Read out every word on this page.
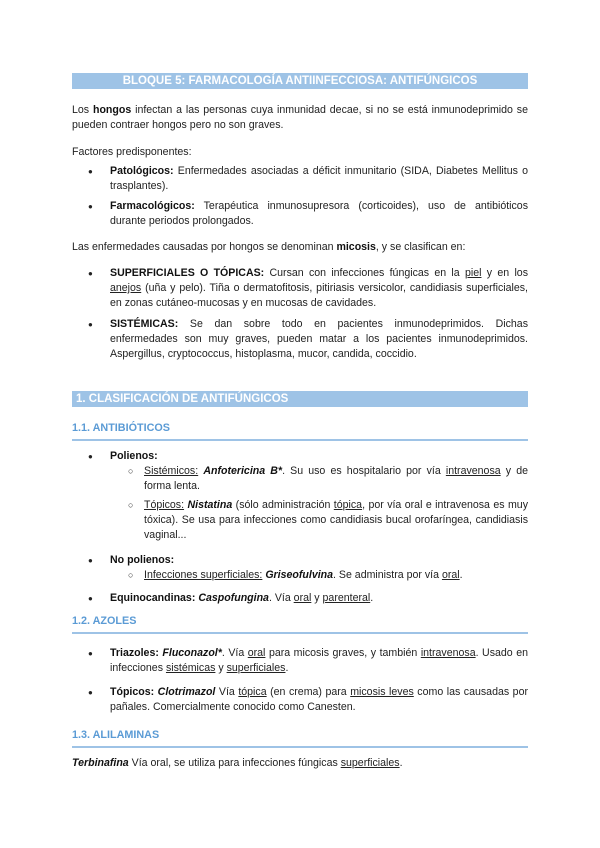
BLOQUE 5: FARMACOLOGÍA ANTIINFECCIOSA: ANTIFÚNGICOS
Los hongos infectan a las personas cuya inmunidad decae, si no se está inmunodeprimido se pueden contraer hongos pero no son graves.
Factores predisponentes:
● Patológicos: Enfermedades asociadas a déficit inmunitario (SIDA, Diabetes Mellitus o trasplantes).
● Farmacológicos: Terapéutica inmunosupresora (corticoides), uso de antibióticos durante periodos prolongados.
Las enfermedades causadas por hongos se denominan micosis, y se clasifican en:
● SUPERFICIALES O TÓPICAS: Cursan con infecciones fúngicas en la piel y en los anejos (uña y pelo). Tiña o dermatofitosis, pitiriasis versicolor, candidiasis superficiales, en zonas cutáneo-mucosas y en mucosas de cavidades.
● SISTÉMICAS: Se dan sobre todo en pacientes inmunodeprimidos. Dichas enfermedades son muy graves, pueden matar a los pacientes inmunodeprimidos. Aspergillus, cryptococcus, histoplasma, mucor, candida, coccidio.
1. CLASIFICACIÓN DE ANTIFÚNGICOS
1.1. ANTIBIÓTICOS
● Polienos:
○ Sistémicos: Anfotericina B*. Su uso es hospitalario por vía intravenosa y de forma lenta.
○ Tópicos: Nistatina (sólo administración tópica, por vía oral e intravenosa es muy tóxica). Se usa para infecciones como candidiasis bucal orofaríngea, candidiasis vaginal...
● No polienos:
○ Infecciones superficiales: Griseofulvina. Se administra por vía oral.
● Equinocandinas: Caspofungina. Vía oral y parenteral.
1.2. AZOLES
● Triazoles: Fluconazol*. Vía oral para micosis graves, y también intravenosa. Usado en infecciones sistémicas y superficiales.
● Tópicos: Clotrimazol Vía tópica (en crema) para micosis leves como las causadas por pañales. Comercialmente conocido como Canesten.
1.3. ALILAMINAS
Terbinafina Vía oral, se utiliza para infecciones fúngicas superficiales.
